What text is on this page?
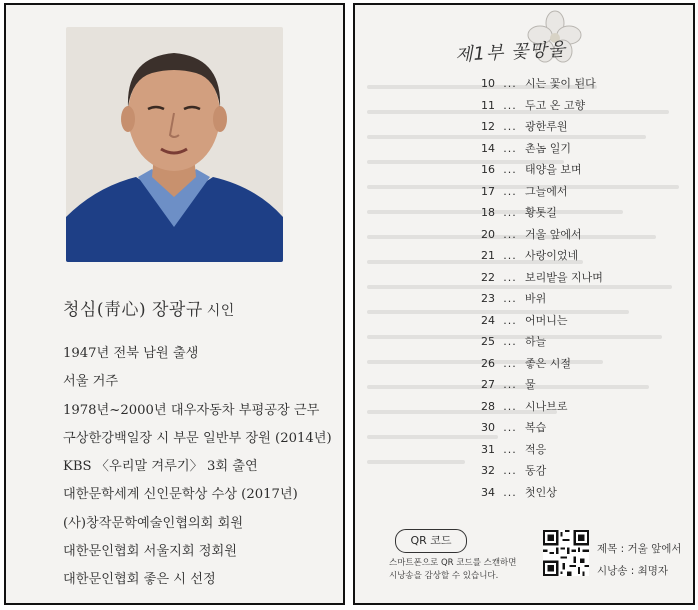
청심(靑心) 장광규 시인
1947년 전북 남원 출생
서울 거주
1978년~2000년 대우자동차 부평공장 근무
구상한강백일장 시 부문 일반부 장원 (2014년)
KBS 〈우리말 겨루기〉 3회 출연
대한문학세계 신인문학상 수상 (2017년)
(사)창작문학예술인협의회 회원
대한문인협회 서울지회 정회원
대한문인협회 좋은 시 선정
제1부 꽃망울
10 ... 시는 꽃이 된다
11 ... 두고 온 고향
12 ... 광한루원
14 ... 촌놈 일기
16 ... 태양을 보며
17 ... 그늘에서
18 ... 황톳길
20 ... 거울 앞에서
21 ... 사랑이었네
22 ... 보리밭을 지나며
23 ... 바위
24 ... 어머니는
25 ... 하늘
26 ... 좋은 시절
27 ... 물
28 ... 시나브로
30 ... 복습
31 ... 적응
32 ... 동감
34 ... 첫인상
QR 코드
스마트폰으로 QR 코드를 스캔하면
시낭송을 감상할 수 있습니다.
제목 : 거울 앞에서
시낭송 : 최명자
